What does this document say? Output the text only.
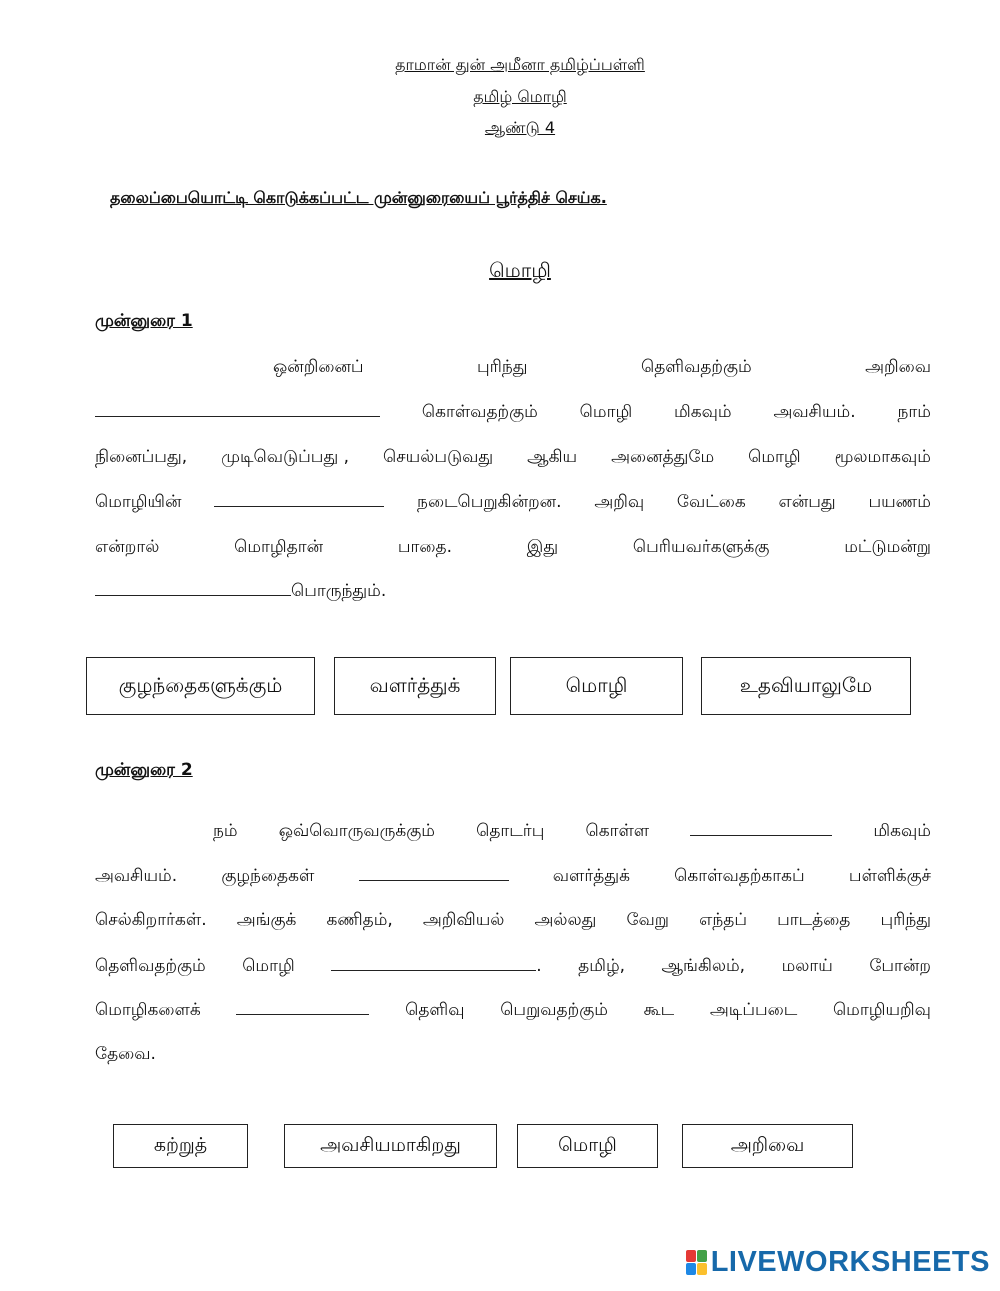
தாமான் துன் அமீனா தமிழ்ப்பள்ளி
தமிழ் மொழி
ஆண்டு 4
தலைப்பையொட்டி கொடுக்கப்பட்ட முன்னுரையைப் பூர்த்திச் செய்க.
மொழி
முன்னுரை 1
ஒன்றினைப்	புரிந்து	தெளிவதற்கும்	அறிவை
கொள்வதற்கும் மொழி மிகவும் அவசியம். நாம்
நினைப்பது, முடிவெடுப்பது , செயல்படுவது ஆகிய அனைத்துமே மொழி மூலமாகவும்
மொழியின்	நடைபெறுகின்றன. அறிவு வேட்கை என்பது பயணம்
என்றால்	மொழிதான்	பாதை.	இது	பெரியவர்களுக்கு	மட்டுமன்று
பொருந்தும்.
குழந்தைகளுக்கும்	வளர்த்துக்	மொழி	உதவியாலுமே
முன்னுரை 2
நம் ஒவ்வொருவருக்கும் தொடர்பு கொள்ள	மிகவும்
அவசியம்.	குழந்தைகள்	வளர்த்துக்	கொள்வதற்காகப்	பள்ளிக்குச்
செல்கிறார்கள். அங்குக் கணிதம், அறிவியல் அல்லது வேறு எந்தப் பாடத்தை புரிந்து
தெளிவதற்கும் மொழி	. தமிழ், ஆங்கிலம், மலாய் போன்ற
மொழிகளைக்	தெளிவு பெறுவதற்கும் கூட அடிப்படை மொழியறிவு
தேவை.
கற்றுத்	அவசியமாகிறது	மொழி	அறிவை
LIVEWORKSHEETS
